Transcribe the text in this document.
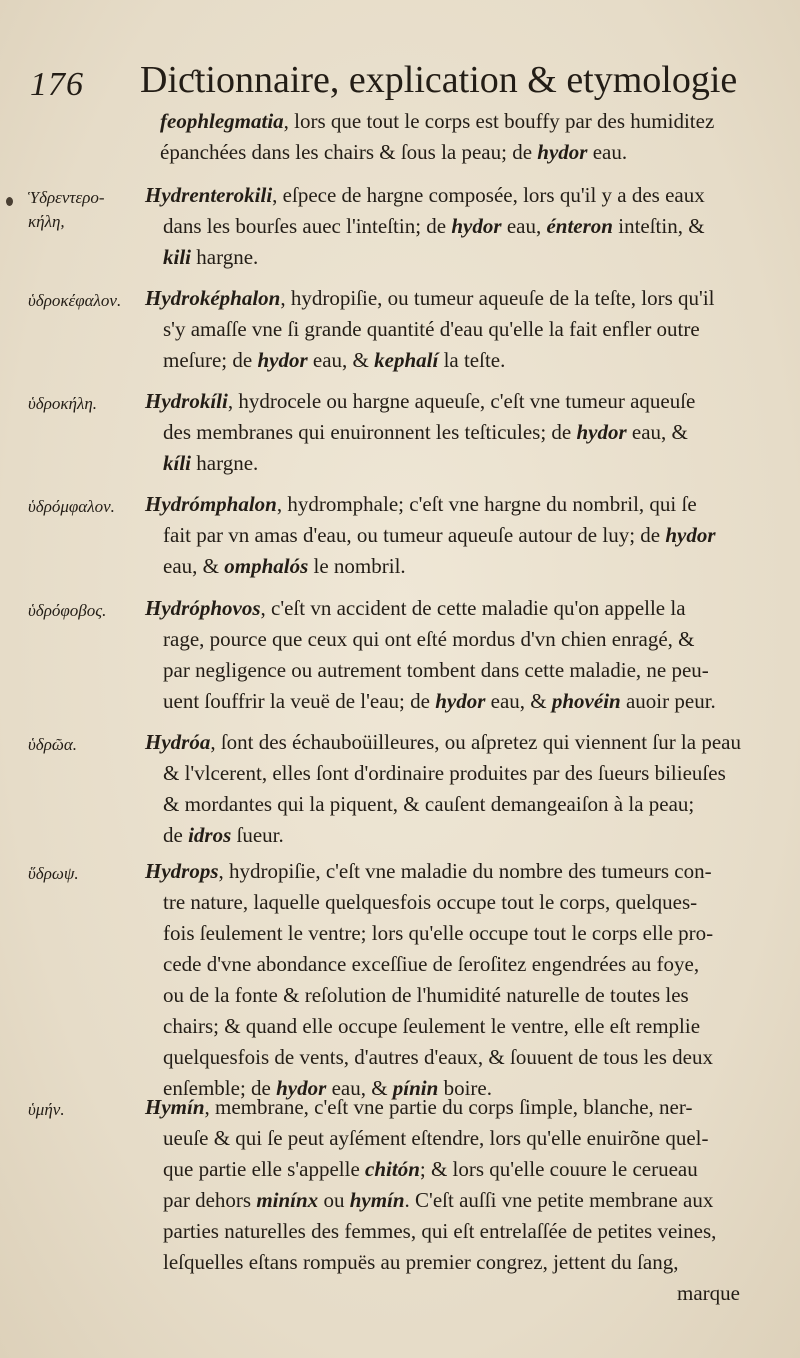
176 Diƈtionnaire, explication & etymologie
feophlegmatia, lors que tout le corps est bouffy par des humiditez
épanchées dans les chairs & ſous la peau; de hydor eau.
Ὑδρεντερο-
κήλη,
Hydrenterokili, eſpece de hargne composée, lors qu'il y a des eaux
dans les bourſes auec l'inteſtin; de hydor eau, énteron inteſtin, &
kili hargne.
ὑδροκέφαλον.	Hydroképhalon, hydropiſie, ou tumeur aqueuſe de la teſte, lors qu'il
s'y amaſſe vne ſi grande quantité d'eau qu'elle la fait enfler outre
meſure; de hydor eau, & kephalí la teſte.
ὑδροκήλη.	Hydrokíli, hydrocele ou hargne aqueuſe, c'eſt vne tumeur aqueuſe
des membranes qui enuironnent les teſticules; de hydor eau, &
kíli hargne.
ὑδρόμφαλον.	Hydrómphalon, hydromphale; c'eſt vne hargne du nombril, qui ſe
fait par vn amas d'eau, ou tumeur aqueuſe autour de luy; de hydor
eau, & omphalós le nombril.
ὑδρόφοβος.	Hydróphovos, c'eſt vn accident de cette maladie qu'on appelle la
rage, pource que ceux qui ont eſté mordus d'vn chien enragé, &
par negligence ou autrement tombent dans cette maladie, ne peu-
uent ſouffrir la veuë de l'eau; de hydor eau, & phovéin auoir peur.
ὑδρῶα.	Hydróa, ſont des échauboüilleures, ou aſpretez qui viennent ſur la peau
& l'vlcerent, elles ſont d'ordinaire produites par des ſueurs bilieuſes
& mordantes qui la piquent, & cauſent demangeaiſon à la peau;
de idros ſueur.
ὕδρωψ.	Hydrops, hydropiſie, c'eſt vne maladie du nombre des tumeurs con-
tre nature, laquelle quelquesfois occupe tout le corps, quelques-
fois ſeulement le ventre; lors qu'elle occupe tout le corps elle pro-
cede d'vne abondance exceſſiue de ſeroſitez engendrées au foye,
ou de la fonte & reſolution de l'humidité naturelle de toutes les
chairs; & quand elle occupe ſeulement le ventre, elle eſt remplie
quelquesfois de vents, d'autres d'eaux, & ſouuent de tous les deux
enſemble; de hydor eau, & pínin boire.
ὑμήν.	Hymín, membrane, c'eſt vne partie du corps ſimple, blanche, ner-
ueuſe & qui ſe peut ayſément eſtendre, lors qu'elle enuirõne quel-
que partie elle s'appelle chitón; & lors qu'elle couure le cerueau
par dehors minínx ou hymín. C'eſt auſſi vne petite membrane aux
parties naturelles des femmes, qui eſt entrelaſſée de petites veines,
leſquelles eſtans rompuës au premier congrez, jettent du ſang,
marque
